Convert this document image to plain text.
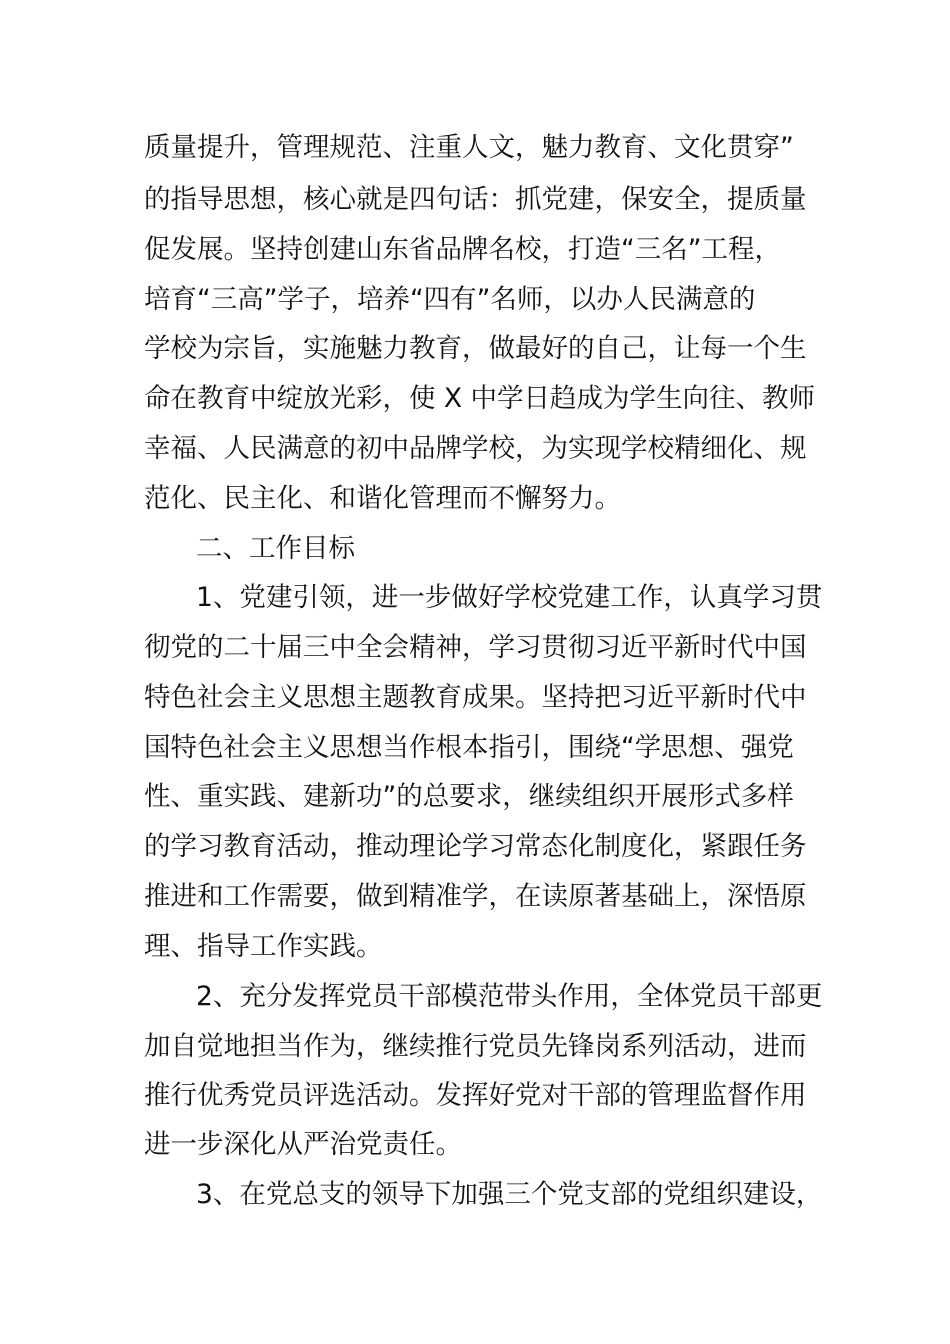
质量提升，管理规范、注重人文，魅力教育、文化贯穿”
的指导思想，核心就是四句话：抓党建，保安全，提质量
促发展。坚持创建山东省品牌名校，打造“三名”工程，
培育“三高”学子，培养“四有”名师，以办人民满意的
学校为宗旨，实施魅力教育，做最好的自己，让每一个生
命在教育中绽放光彩，使 X 中学日趋成为学生向往、教师
幸福、人民满意的初中品牌学校，为实现学校精细化、规
范化、民主化、和谐化管理而不懈努力。
二、工作目标
1、党建引领，进一步做好学校党建工作，认真学习贯
彻党的二十届三中全会精神，学习贯彻习近平新时代中国
特色社会主义思想主题教育成果。坚持把习近平新时代中
国特色社会主义思想当作根本指引，围绕“学思想、强党
性、重实践、建新功”的总要求，继续组织开展形式多样
的学习教育活动，推动理论学习常态化制度化，紧跟任务
推进和工作需要，做到精准学，在读原著基础上，深悟原
理、指导工作实践。
2、充分发挥党员干部模范带头作用，全体党员干部更
加自觉地担当作为，继续推行党员先锋岗系列活动，进而
推行优秀党员评选活动。发挥好党对干部的管理监督作用
进一步深化从严治党责任。
3、在党总支的领导下加强三个党支部的党组织建设，
